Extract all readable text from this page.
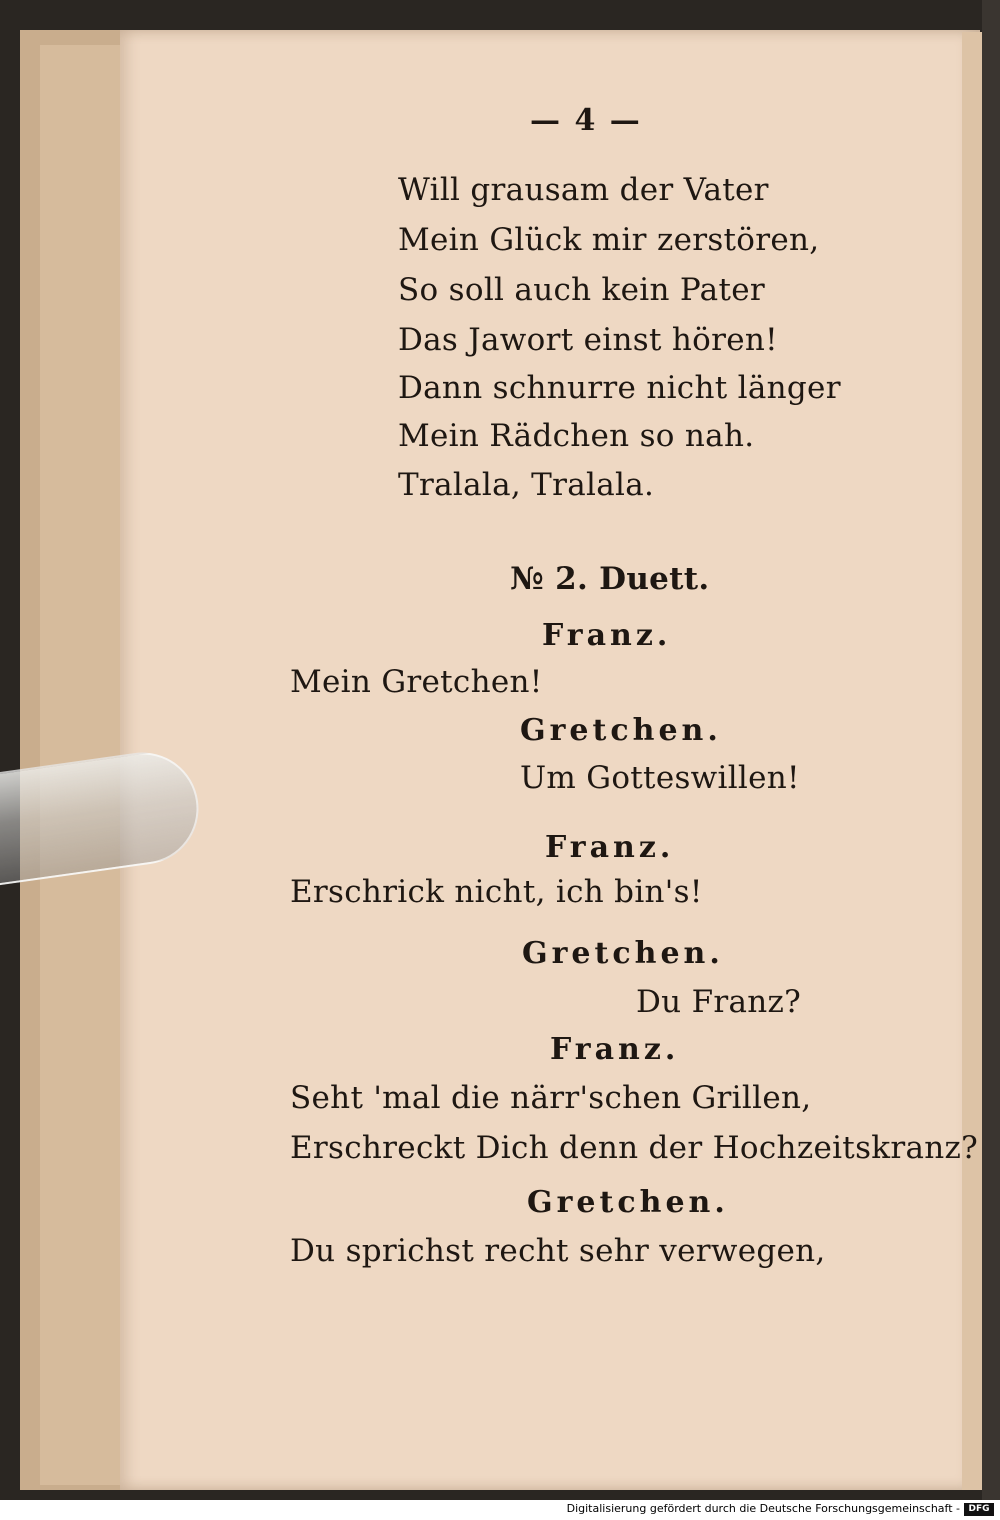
— 4 —

Will grausam der Vater

Mein Glück mir zerstören,

So soll auch kein Pater

Das Jawort einst hören!

Dann schnurre nicht länger

Mein Rädchen so nah.

Tralala, Tralala.

№ 2. Duett.

Franz.

Mein Gretchen!

Gretchen.

Um Gotteswillen!

Franz.

Erschrick nicht, ich bin's!

Gretchen.

Du Franz?

Franz.

Seht 'mal die närr'schen Grillen,

Erschreckt Dich denn der Hochzeitskranz?

Gretchen.

Du sprichst recht sehr verwegen,

Digitalisierung gefördert durch die Deutsche Forschungsgemeinschaft - DFG
